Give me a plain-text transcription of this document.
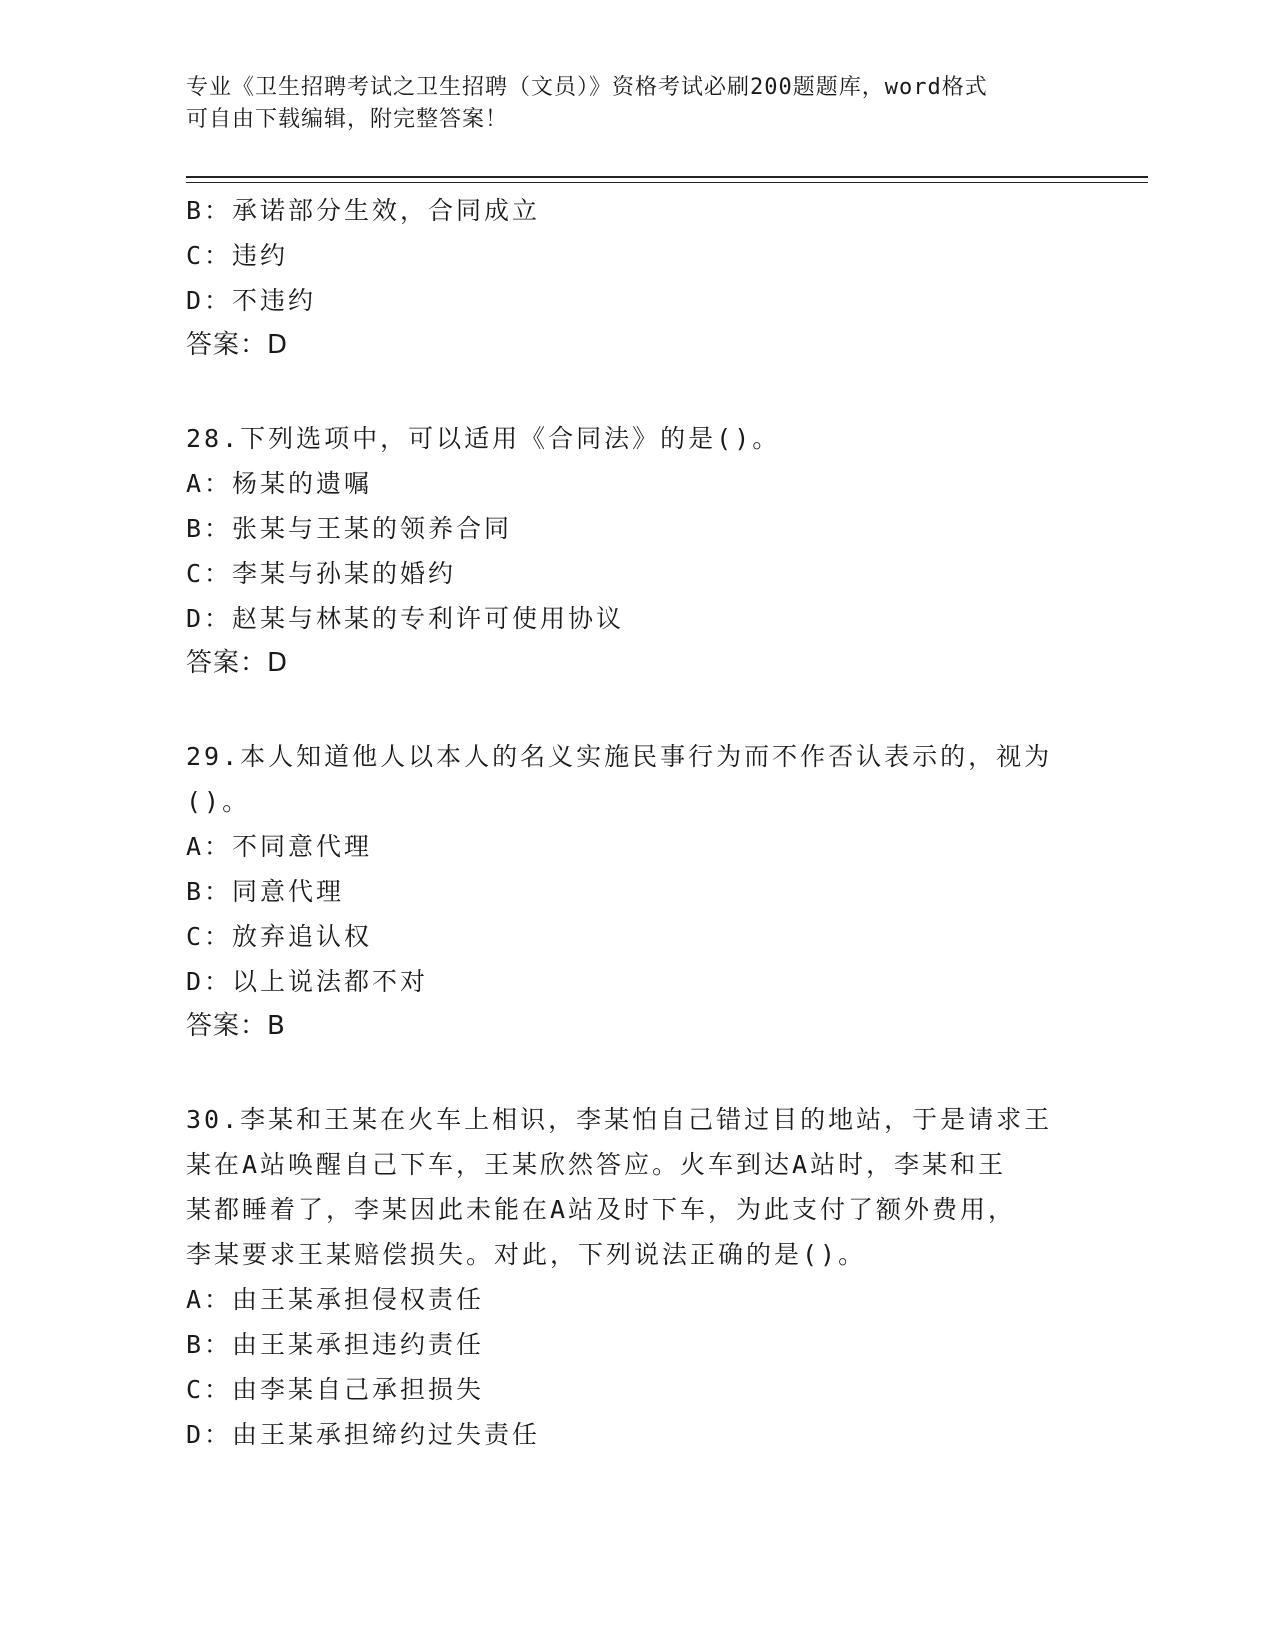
专业《卫生招聘考试之卫生招聘（文员）》资格考试必刷200题题库，word格式
可自由下载编辑，附完整答案！
B：承诺部分生效，合同成立
C：违约
D：不违约
答案：D
28.下列选项中，可以适用《合同法》的是()。
A：杨某的遗嘱
B：张某与王某的领养合同
C：李某与孙某的婚约
D：赵某与林某的专利许可使用协议
答案：D
29.本人知道他人以本人的名义实施民事行为而不作否认表示的，视为
()。
A：不同意代理
B：同意代理
C：放弃追认权
D：以上说法都不对
答案：B
30.李某和王某在火车上相识，李某怕自己错过目的地站，于是请求王
某在A站唤醒自己下车，王某欣然答应。火车到达A站时，李某和王
某都睡着了，李某因此未能在A站及时下车，为此支付了额外费用，
李某要求王某赔偿损失。对此，下列说法正确的是()。
A：由王某承担侵权责任
B：由王某承担违约责任
C：由李某自己承担损失
D：由王某承担缔约过失责任
